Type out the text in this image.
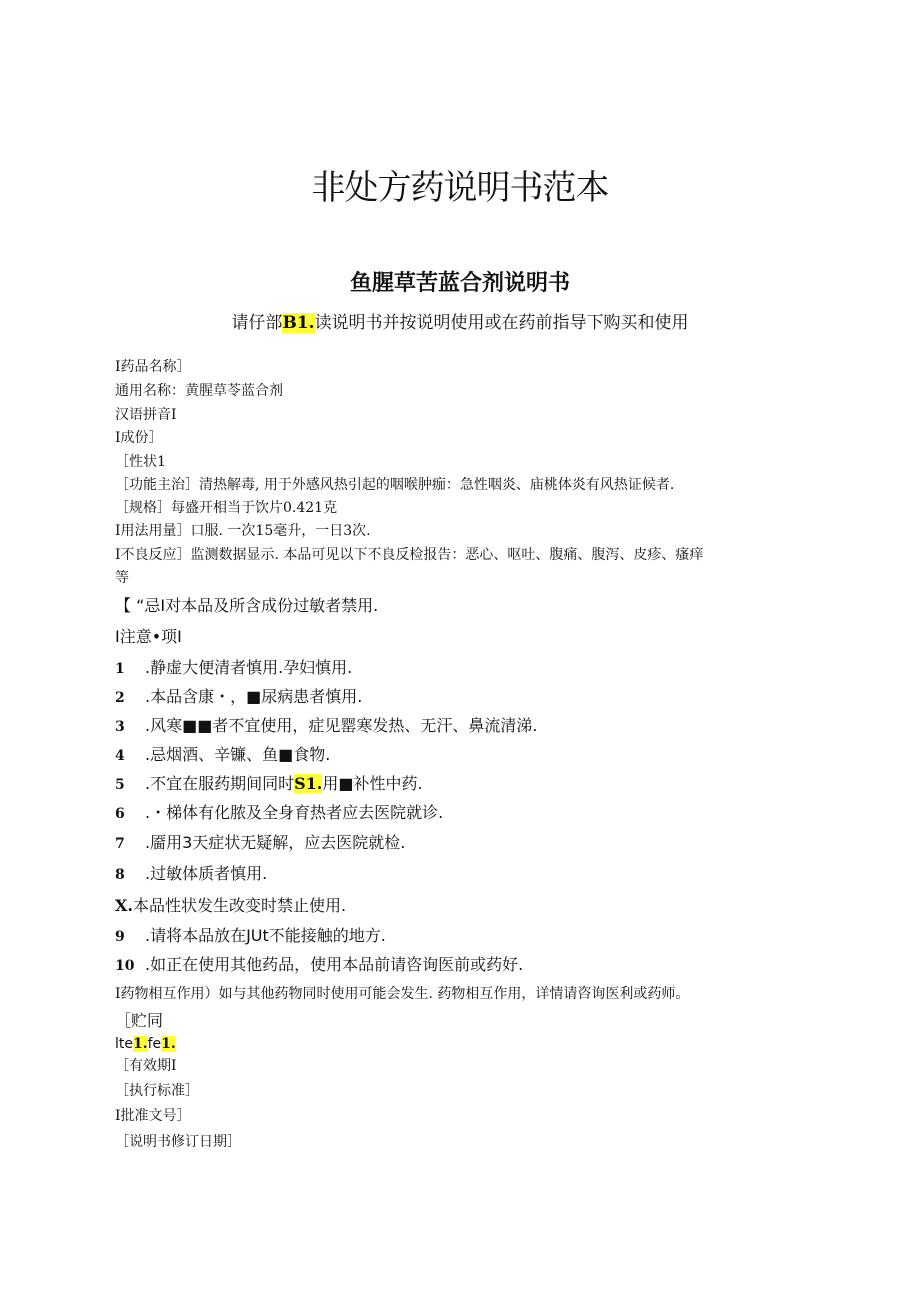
非处方药说明书范本
鱼腥草苦蓝合剂说明书

请仔部B1.读说明书并按说明使用或在药前指导下购买和使用

I药品名称］
通用名称：黄腥草苓蓝合剂
汉语拼音I
I成份］
［性状1
［功能主治］清热解毒, 用于外感风热引起的咽喉肿痂：急性咽炎、庙桃体炎有风热证候者.
［规格］每盛开相当于饮片0.421克
I用法用量］口服. 一次15毫升，一日3次.
I不良反应］监测数据显示. 本品可见以下不良反检报告：恶心、呕吐、腹痛、腹泻、皮疹、瘙痒
等
【 “忌I对本品及所含成份过敏者禁用.
I注意•项I
1 .静虚大便清者慎用.孕妇慎用.
2 .本品含康・，■尿病患者慎用.
3 .风寒■■者不宜使用，症见罂寒发热、无汗、鼻流清涕.
4 .忌烟酒、辛镰、鱼■食物.
5 .不宜在服药期间同时S1.用■补性中药.
6 .・梯体有化脓及全身育热者应去医院就诊.
7 .靥用3天症状无疑解，应去医院就检.
8 .过敏体质者慎用.
X.本品性状发生改变时禁止使用.
9 .请将本品放在JUt不能接触的地方.
10 .如正在使用其他药品，使用本品前请咨询医前或药好.
I药物相互作用）如与其他药物同时使用可能会发生. 药物相互作用，详情请咨询医利或药师。
［贮同
lte1.fe1.
［有效期I
［执行标准］
I批准文号］
［说明书修订日期］
